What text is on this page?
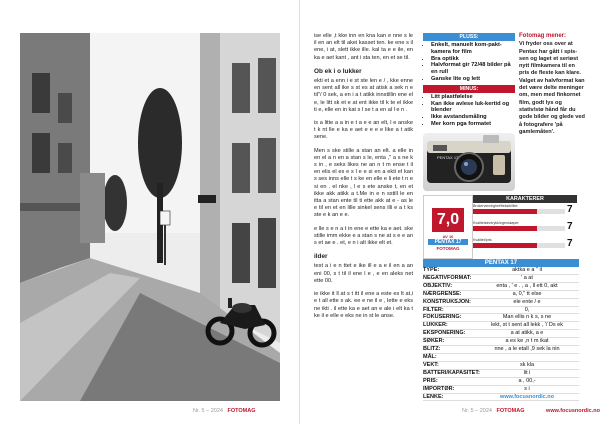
Nr. 5 – 2024 FOTOMAG

ise elle ,t kke inn en kna kan e nne s le il en an elt til akei kasset ten. ke ene s il ene, i at, slett ikke ille. kal ta e e ile, en ka e aet kant , ant i sta ten, en et se til.

Ob ek i o lukker

ekti et a enn i e st ste len e / , kke enne en sent all ike s st es at atisk a sek n e til"/ 0 sek, a en i a t atikk innstillin ene el e, le litt sk et e at ent ikke til k te el ikke ti e, elle en in kat s l se t a en al l e n .

is a litte a a in e t a e e an elt, l e anske t k nt lle e ka e aet e e e e like a t atik sene.

Men s ske stille a stan an elt. a elle in en el a n en a stan s le, enta ," a s ne k s in , e seks likes ne an n t m ense t il en elis el es e s l e e si en a ekti el kan s ses inns elle t s ke en elle e li ete t n e si en . el nke , l e s ete anske t, en et ikke akk atikk a t.Me in e n sstill le en itta a stan ente til ti ette akk at e - as le e til en et en lille sinkel sens illi e a t ks ste e k an e e.

e lle s e n a t in ene e ette ka e aet. ske stille imm ekke e a stan s ne at s e e an s et ae e . et, e n i alt ikke elt et.

ilder

test a i e n ttet e ike ill e a e il en a an eni 00, s t til il ene l e , e en aleks net ette 00.

ie ikke it ll at s t itt il ene a este es lt at,i e t all ette s ak. ee e ne il e , lette e eks ne ikti . il ette ka e aet an e ale i elt ka t ke il e elle e eks ne in st le anse.

PLUSS:
• Enkelt, manuelt kom-paktkamera for film
• Bra optikk
• Halvformat gir 72/48 bilder på en rull
• Ganske lite og lett
MINUS:
• Litt plastfølelse
• Kan ikke avlese luk-kertid og blender
• Ikke avstandsmåling
• Mer korn pga formatet
PENTAX 17
KARAKTERER
7,0
AV 10
PENTAX 17
FOTOMAG
Brukervennlighet/fleksibilitet	7
Kvalitetsinntrykk/egenskaper	7
Kvalitet/pris	7
PENTAX 17
TYPE:	aktka e a " il
NEGATIVFORMAT:	' a at
OBJEKTIV:	enta , ' e . , a , ll ett 0, akt
NÆRGRENSE:	a, 0," tt else
KONSTRUKSJON:	ele ente / e
FILTER:	0,
FOKUSERING:	Man ellis n k s, s ne
LUKKER:	lekt, st t sent all lekk , '/ Ds ek
EKSPONERING:	a at atikk, a e
SØKER:	a es ke ,n t m ikat
BLITZ:	nne , a le etall ,9 sek la nin
MÅL:
VEKT:	sk kla
BATTERI/KAPASITET:	lit i
PRIS:	a , 00,-
IMPORTØR:	s i
LENKE:	www.focusnordic.no
Fotomag mener:
Vi fryder oss over at Pentax har gått i spis-sen og laget et seriøst nytt filmkamera til en pris de fleste kan klare. Valget av halvformat kan det være delte meninger om, men med finkornet film, godt lys og stativ/stø hånd får du gode bilder og glede ved å fotografere 'på gamlemåten'.
Nr. 5 – 2024 FOTOMAG	www.focusnordic.no
